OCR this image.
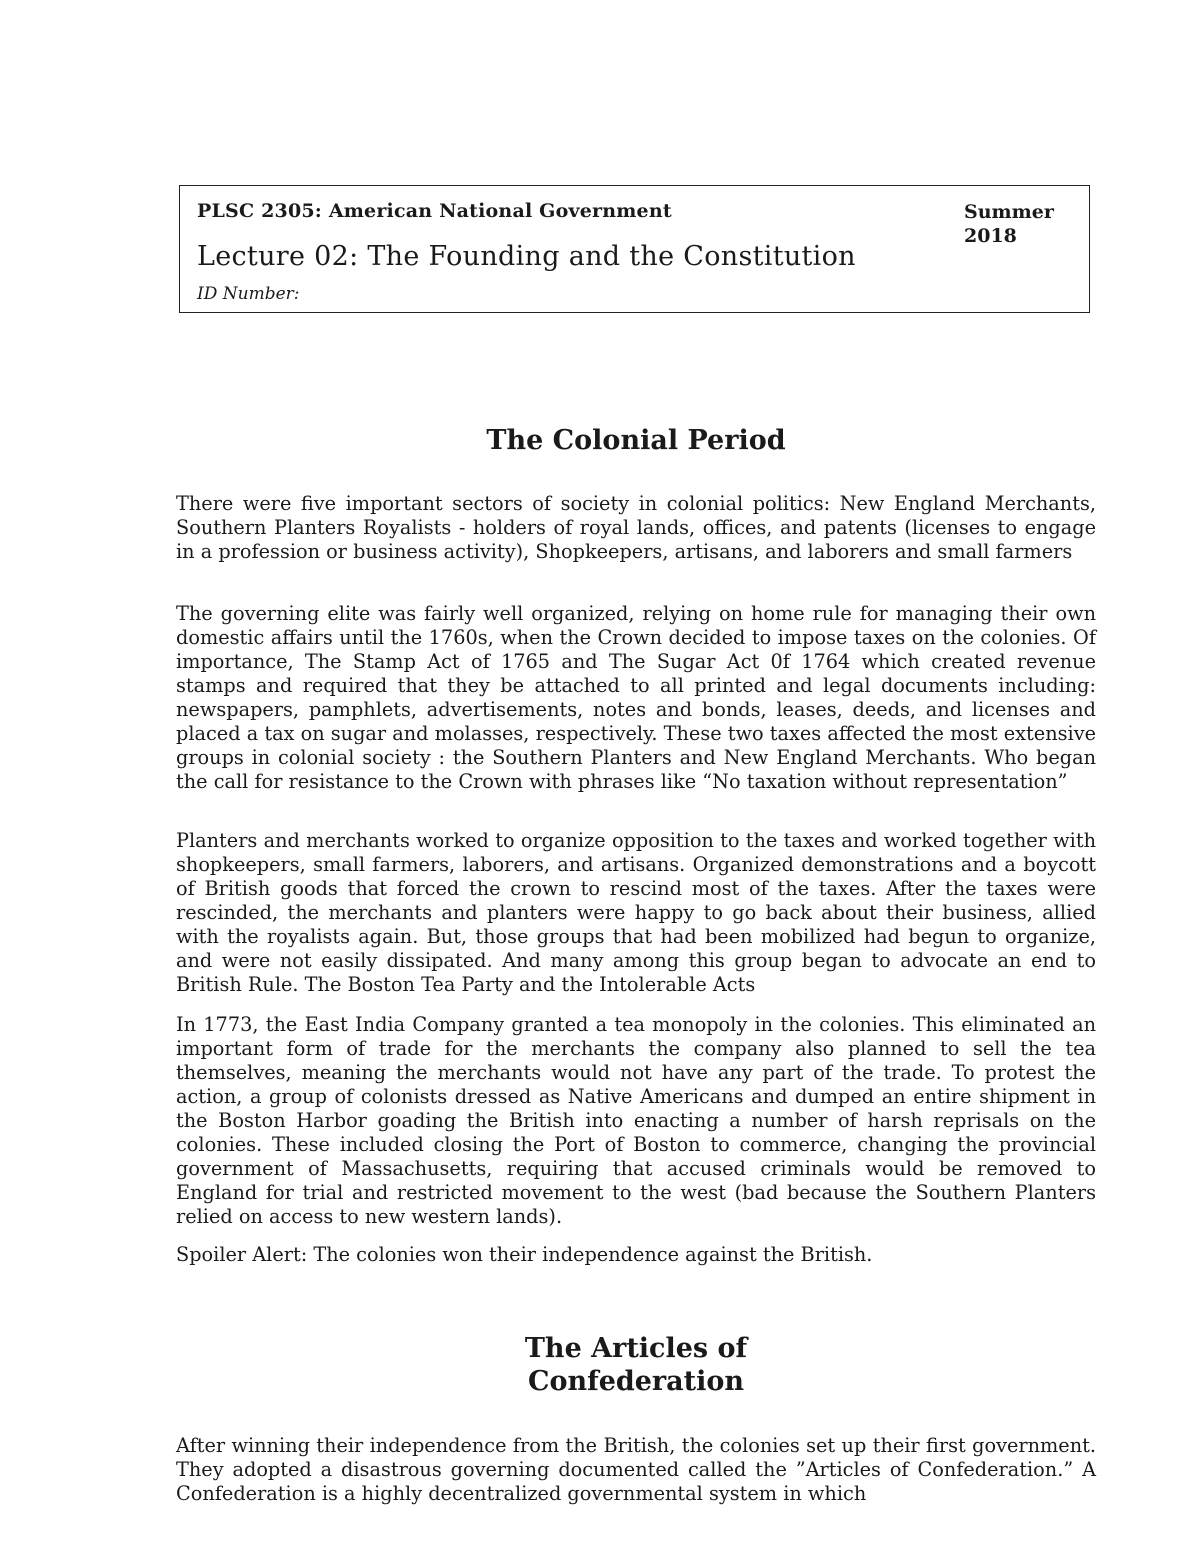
PLSC 2305: American National Government	Summer 2018
Lecture 02: The Founding and the Constitution
ID Number:
The Colonial Period

There were five important sectors of society in colonial politics: New England Merchants, Southern Planters Royalists - holders of royal lands, offices, and patents (licenses to engage in a profession or business activity), Shopkeepers, artisans, and laborers and small farmers

The governing elite was fairly well organized, relying on home rule for managing their own domestic affairs until the 1760s, when the Crown decided to impose taxes on the colonies. Of importance, The Stamp Act of 1765 and The Sugar Act 0f 1764 which created revenue stamps and required that they be attached to all printed and legal documents including: newspapers, pamphlets, advertisements, notes and bonds, leases, deeds, and licenses and placed a tax on sugar and molasses, respectively. These two taxes affected the most extensive groups in colonial society : the Southern Planters and New England Merchants. Who began the call for resistance to the Crown with phrases like “No taxation without representation”

Planters and merchants worked to organize opposition to the taxes and worked together with shopkeepers, small farmers, laborers, and artisans. Organized demonstrations and a boycott of British goods that forced the crown to rescind most of the taxes. After the taxes were rescinded, the merchants and planters were happy to go back about their business, allied with the royalists again. But, those groups that had been mobilized had begun to organize, and were not easily dissipated. And many among this group began to advocate an end to British Rule. The Boston Tea Party and the Intolerable Acts

In 1773, the East India Company granted a tea monopoly in the colonies. This eliminated an important form of trade for the merchants the company also planned to sell the tea themselves, meaning the merchants would not have any part of the trade. To protest the action, a group of colonists dressed as Native Americans and dumped an entire shipment in the Boston Harbor goading the British into enacting a number of harsh reprisals on the colonies. These included closing the Port of Boston to commerce, changing the provincial government of Massachusetts, requiring that accused criminals would be removed to England for trial and restricted movement to the west (bad because the Southern Planters relied on access to new western lands).

Spoiler Alert: The colonies won their independence against the British.

The Articles of
Confederation

After winning their independence from the British, the colonies set up their first government. They adopted a disastrous governing documented called the ”Articles of Confederation.” A Confederation is a highly decentralized governmental system in which
